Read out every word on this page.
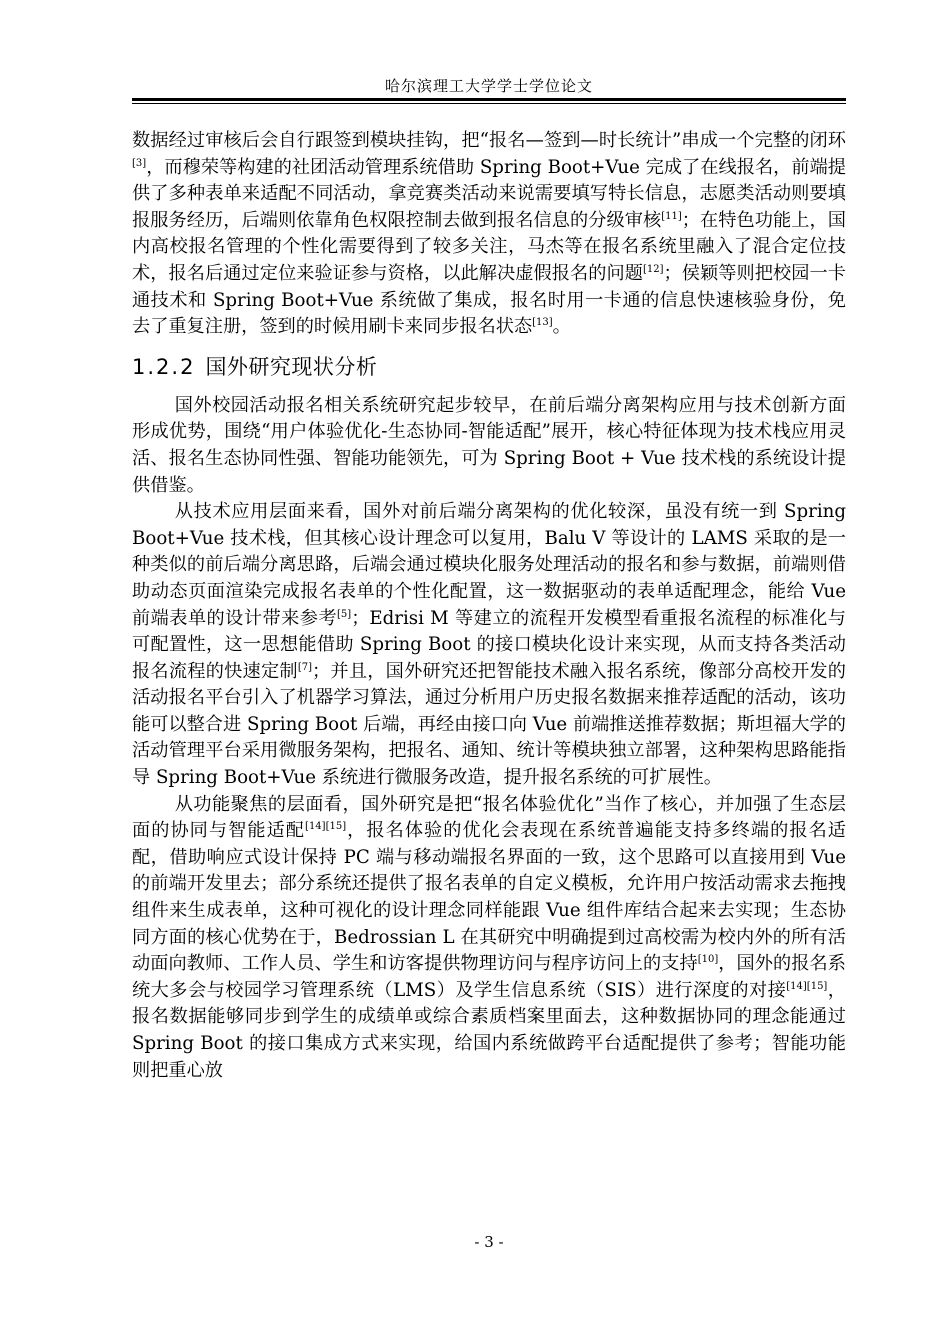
哈尔滨理工大学学士学位论文

数据经过审核后会自行跟签到模块挂钩，把“报名—签到—时长统计”串成一个完整的闭环[3]，而穆荣等构建的社团活动管理系统借助 Spring Boot+Vue 完成了在线报名，前端提供了多种表单来适配不同活动，拿竞赛类活动来说需要填写特长信息，志愿类活动则要填报服务经历，后端则依靠角色权限控制去做到报名信息的分级审核[11]；在特色功能上，国内高校报名管理的个性化需要得到了较多关注，马杰等在报名系统里融入了混合定位技术，报名后通过定位来验证参与资格，以此解决虚假报名的问题[12]；侯颖等则把校园一卡通技术和 Spring Boot+Vue 系统做了集成，报名时用一卡通的信息快速核验身份，免去了重复注册，签到的时候用刷卡来同步报名状态[13]。

1.2.2 国外研究现状分析

国外校园活动报名相关系统研究起步较早，在前后端分离架构应用与技术创新方面形成优势，围绕“用户体验优化-生态协同-智能适配”展开，核心特征体现为技术栈应用灵活、报名生态协同性强、智能功能领先，可为 Spring Boot + Vue 技术栈的系统设计提供借鉴。

从技术应用层面来看，国外对前后端分离架构的优化较深，虽没有统一到 Spring Boot+Vue 技术栈，但其核心设计理念可以复用，Balu V 等设计的 LAMS 采取的是一种类似的前后端分离思路，后端会通过模块化服务处理活动的报名和参与数据，前端则借助动态页面渲染完成报名表单的个性化配置，这一数据驱动的表单适配理念，能给 Vue 前端表单的设计带来参考[5]；Edrisi M 等建立的流程开发模型看重报名流程的标准化与可配置性，这一思想能借助 Spring Boot 的接口模块化设计来实现，从而支持各类活动报名流程的快速定制[7]；并且，国外研究还把智能技术融入报名系统，像部分高校开发的活动报名平台引入了机器学习算法，通过分析用户历史报名数据来推荐适配的活动，该功能可以整合进 Spring Boot 后端，再经由接口向 Vue 前端推送推荐数据；斯坦福大学的活动管理平台采用微服务架构，把报名、通知、统计等模块独立部署，这种架构思路能指导 Spring Boot+Vue 系统进行微服务改造，提升报名系统的可扩展性。

从功能聚焦的层面看，国外研究是把“报名体验优化”当作了核心，并加强了生态层面的协同与智能适配[14][15]，报名体验的优化会表现在系统普遍能支持多终端的报名适配，借助响应式设计保持 PC 端与移动端报名界面的一致，这个思路可以直接用到 Vue 的前端开发里去；部分系统还提供了报名表单的自定义模板，允许用户按活动需求去拖拽组件来生成表单，这种可视化的设计理念同样能跟 Vue 组件库结合起来去实现；生态协同方面的核心优势在于，Bedrossian L 在其研究中明确提到过高校需为校内外的所有活动面向教师、工作人员、学生和访客提供物理访问与程序访问上的支持[10]，国外的报名系统大多会与校园学习管理系统（LMS）及学生信息系统（SIS）进行深度的对接[14][15]，报名数据能够同步到学生的成绩单或综合素质档案里面去，这种数据协同的理念能通过 Spring Boot 的接口集成方式来实现，给国内系统做跨平台适配提供了参考；智能功能则把重心放

- 3 -
